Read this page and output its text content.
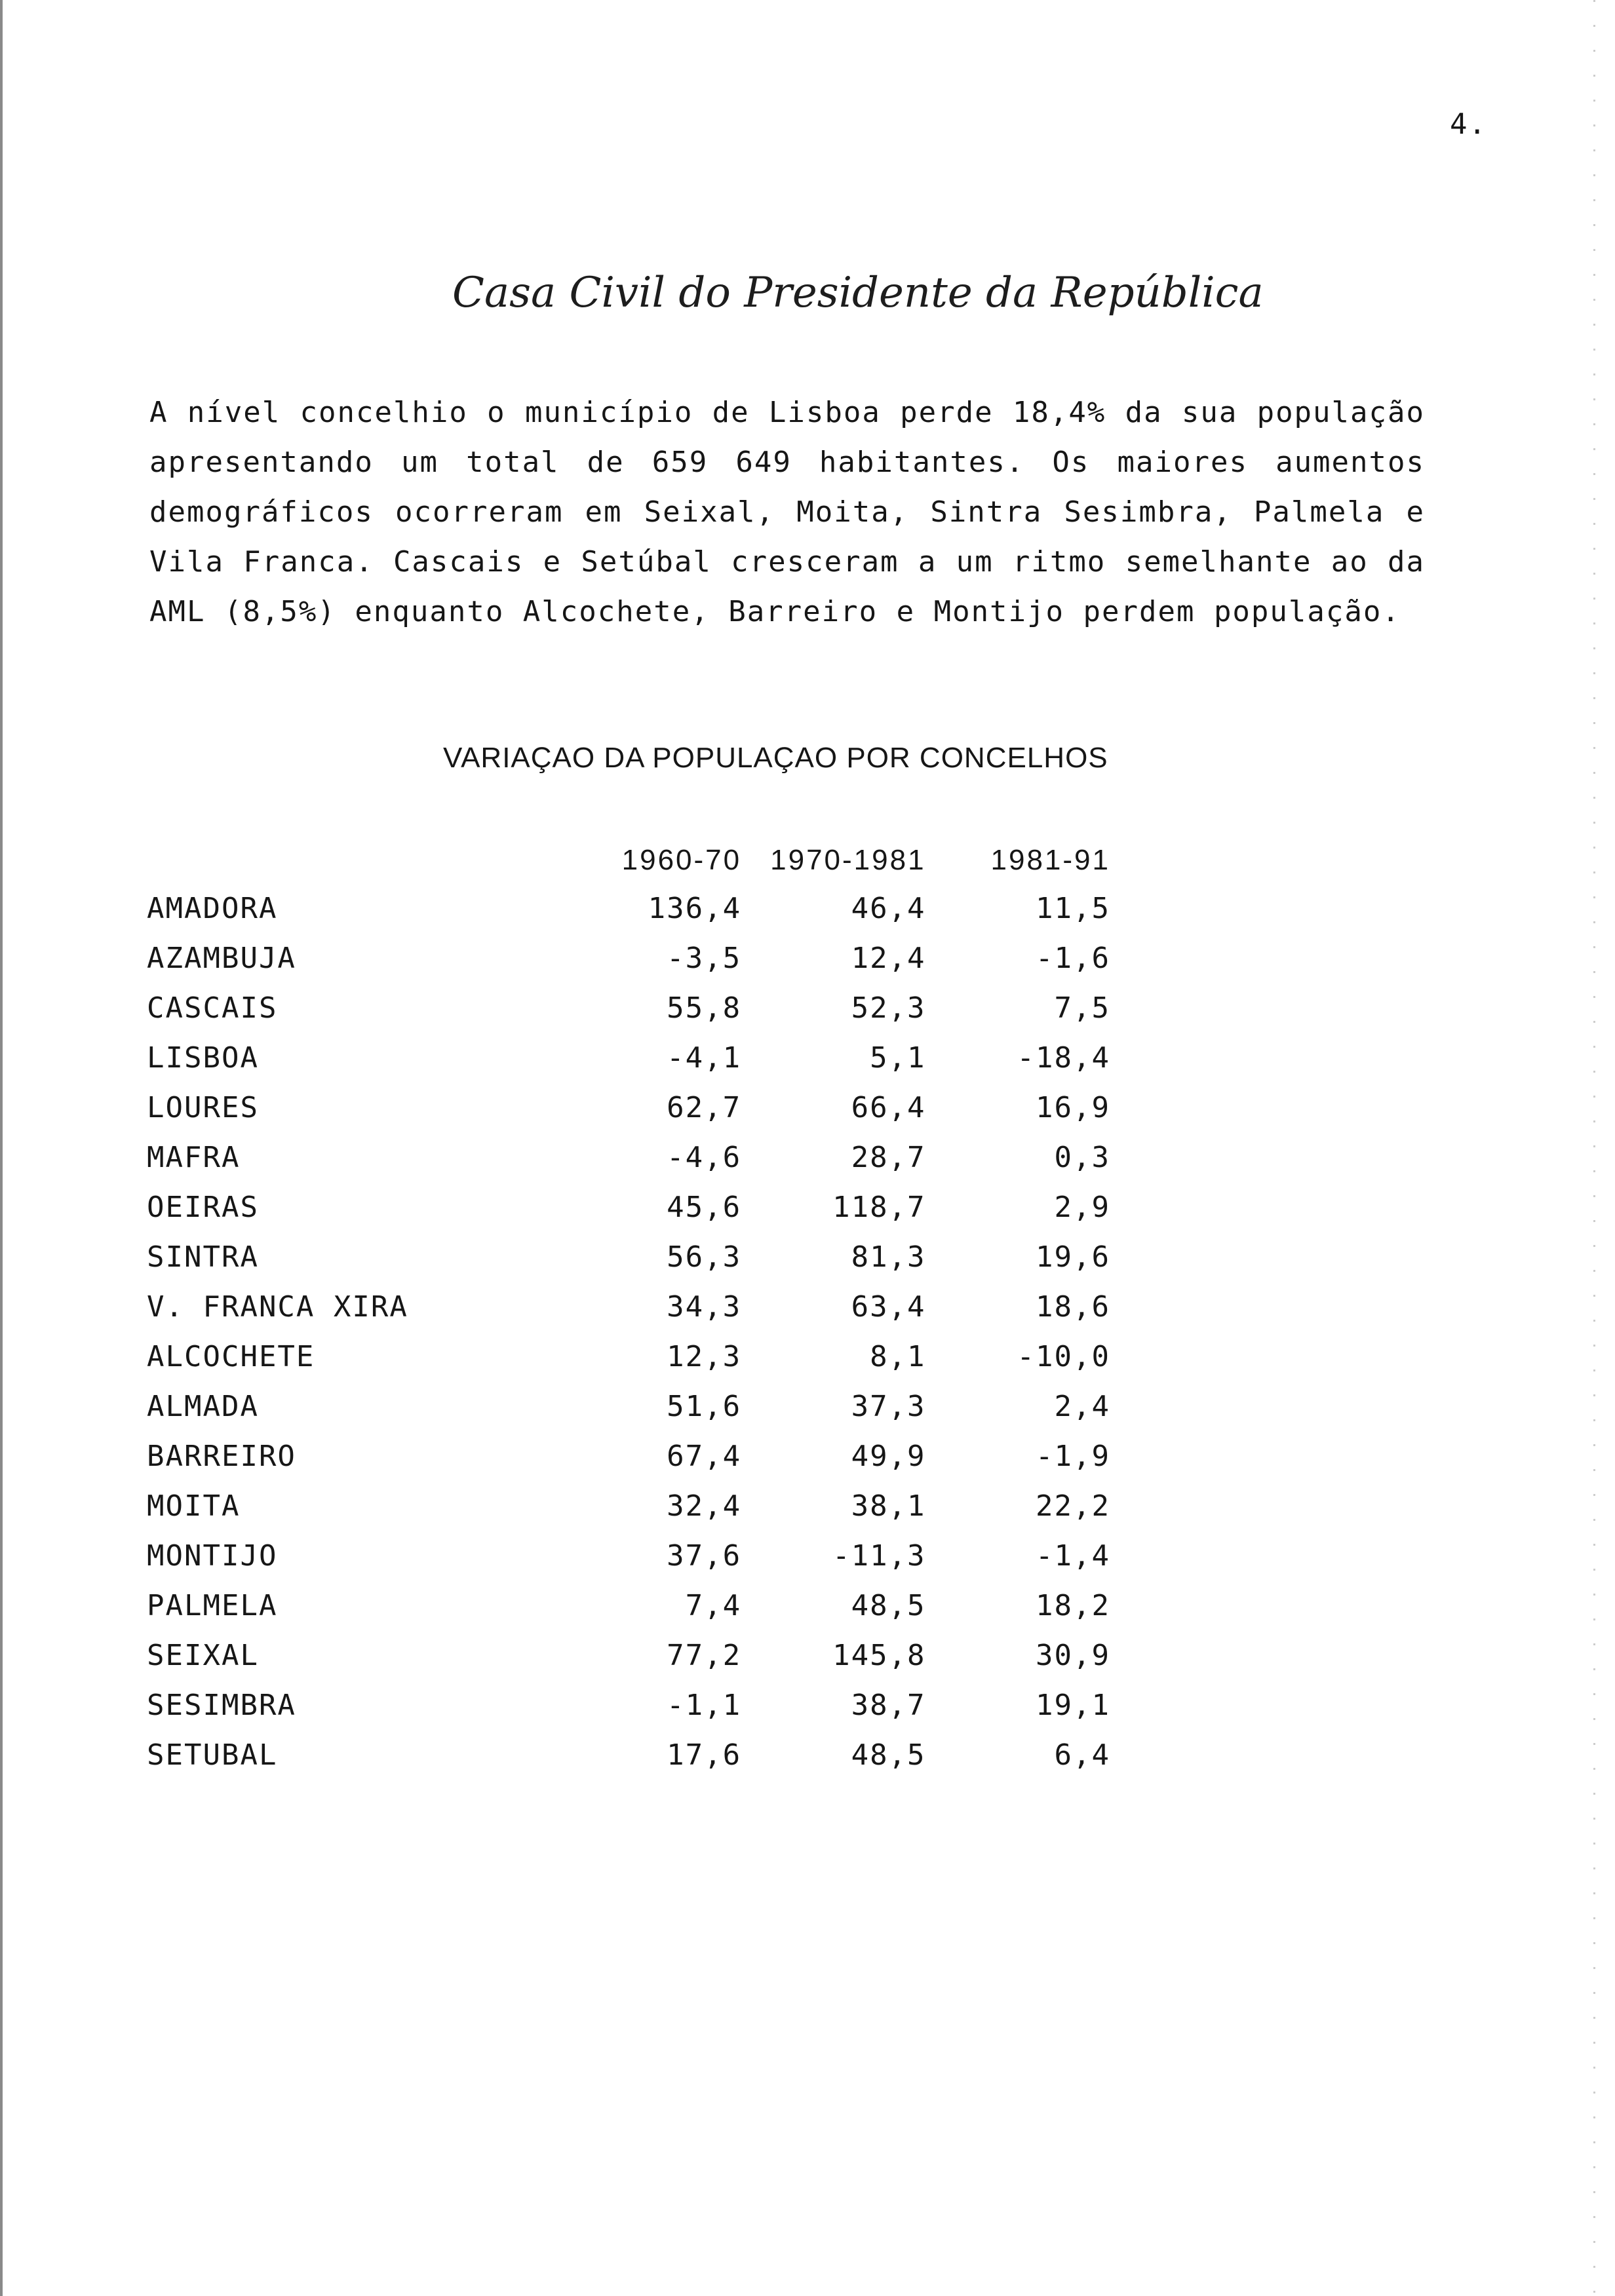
4.
Casa Civil do Presidente da República
A nível concelhio o município de Lisboa perde 18,4% da sua população apresentando um total de 659 649 habitantes. Os maiores aumentos demográficos ocorreram em Seixal, Moita, Sintra Sesimbra, Palmela e Vila Franca. Cascais e Setúbal cresceram a um ritmo semelhante ao da AML (8,5%) enquanto Alcochete, Barreiro e Montijo perdem população.
VARIAÇAO DA POPULAÇAO POR CONCELHOS
	1960-70	1970-1981	1981-91
AMADORA	136,4	46,4	11,5
AZAMBUJA	-3,5	12,4	-1,6
CASCAIS	55,8	52,3	7,5
LISBOA	-4,1	5,1	-18,4
LOURES	62,7	66,4	16,9
MAFRA	-4,6	28,7	0,3
OEIRAS	45,6	118,7	2,9
SINTRA	56,3	81,3	19,6
V. FRANCA XIRA	34,3	63,4	18,6
ALCOCHETE	12,3	8,1	-10,0
ALMADA	51,6	37,3	2,4
BARREIRO	67,4	49,9	-1,9
MOITA	32,4	38,1	22,2
MONTIJO	37,6	-11,3	-1,4
PALMELA	7,4	48,5	18,2
SEIXAL	77,2	145,8	30,9
SESIMBRA	-1,1	38,7	19,1
SETUBAL	17,6	48,5	6,4
